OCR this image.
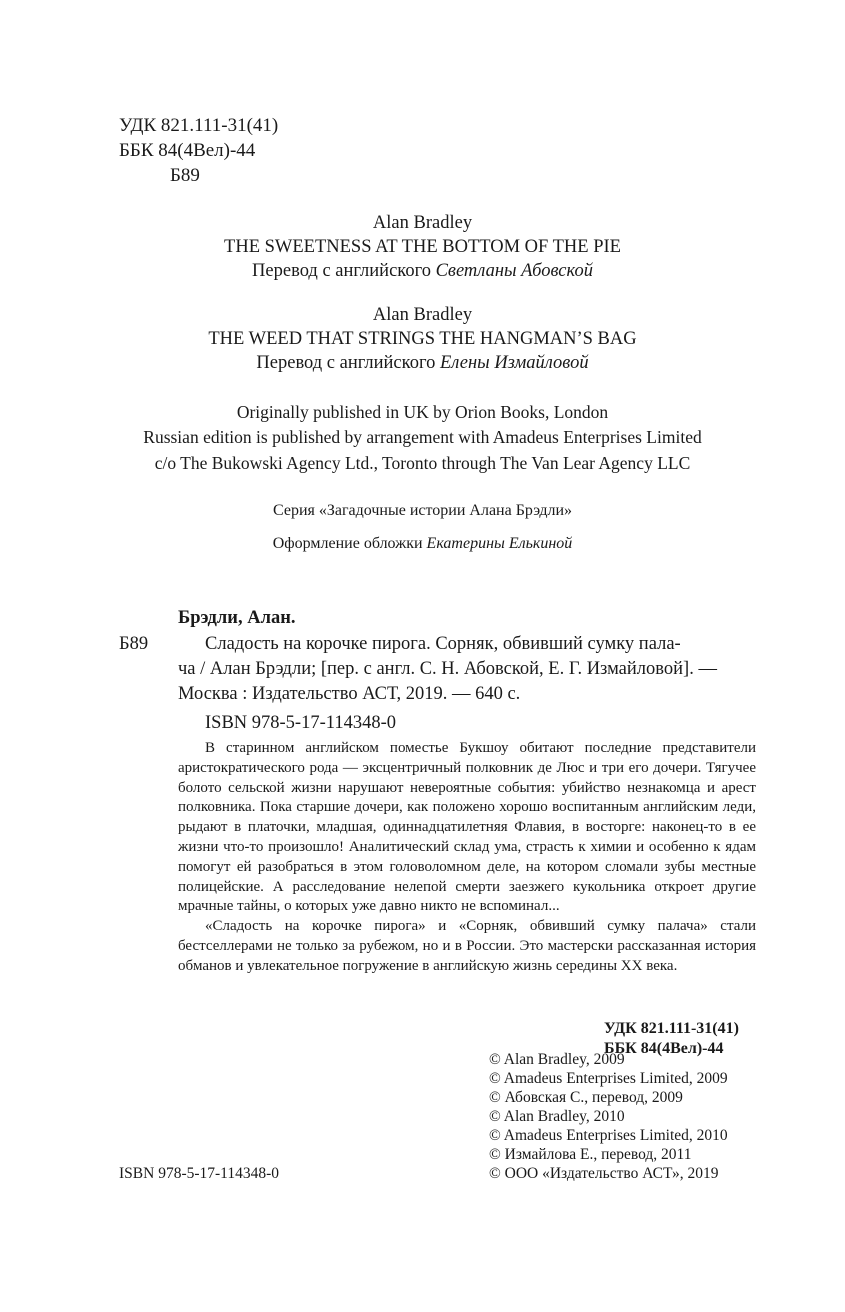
УДК 821.111-31(41)
ББК 84(4Вел)-44
Б89
Alan Bradley
THE SWEETNESS AT THE BOTTOM OF THE PIE
Перевод с английского Светланы Абовской
Alan Bradley
THE WEED THAT STRINGS THE HANGMAN’S BAG
Перевод с английского Елены Измайловой
Originally published in UK by Orion Books, London
Russian edition is published by arrangement with Amadeus Enterprises Limited
c/o The Bukowski Agency Ltd., Toronto through The Van Lear Agency LLC
Серия «Загадочные истории Алана Брэдли»
Оформление обложки Екатерины Елькиной
Брэдли, Алан.
Б89	Сладость на корочке пирога. Сорняк, обвивший сумку пала-
ча / Алан Брэдли; [пер. с англ. С. Н. Абовской, Е. Г. Измайловой]. —
Москва : Издательство АСТ, 2019. — 640 с.
ISBN 978-5-17-114348-0

В старинном английском поместье Букшоу обитают последние представители аристократического рода — эксцентричный полковник де Люс и три его дочери. Тягучее болото сельской жизни нарушают невероятные события: убийство незнакомца и арест полковника. Пока старшие дочери, как положено хорошо воспитанным английским леди, рыдают в платочки, младшая, одиннадцатилетняя Флавия, в восторге: наконец-то в ее жизни что-то произошло! Аналитический склад ума, страсть к химии и особенно к ядам помогут ей разобраться в этом головоломном деле, на котором сломали зубы местные полицейские. А расследование нелепой смерти заезжего кукольника откроет другие мрачные тайны, о которых уже давно никто не вспоминал...

«Сладость на корочке пирога» и «Сорняк, обвивший сумку палача» стали бестселлерами не только за рубежом, но и в России. Это мастерски рассказанная история обманов и увлекательное погружение в английскую жизнь середины XX века.

УДК 821.111-31(41)
ББК 84(4Вел)-44
© Alan Bradley, 2009
© Amadeus Enterprises Limited, 2009
© Абовская С., перевод, 2009
© Alan Bradley, 2010
© Amadeus Enterprises Limited, 2010
© Измайлова Е., перевод, 2011
© ООО «Издательство АСТ», 2019
ISBN 978-5-17-114348-0
